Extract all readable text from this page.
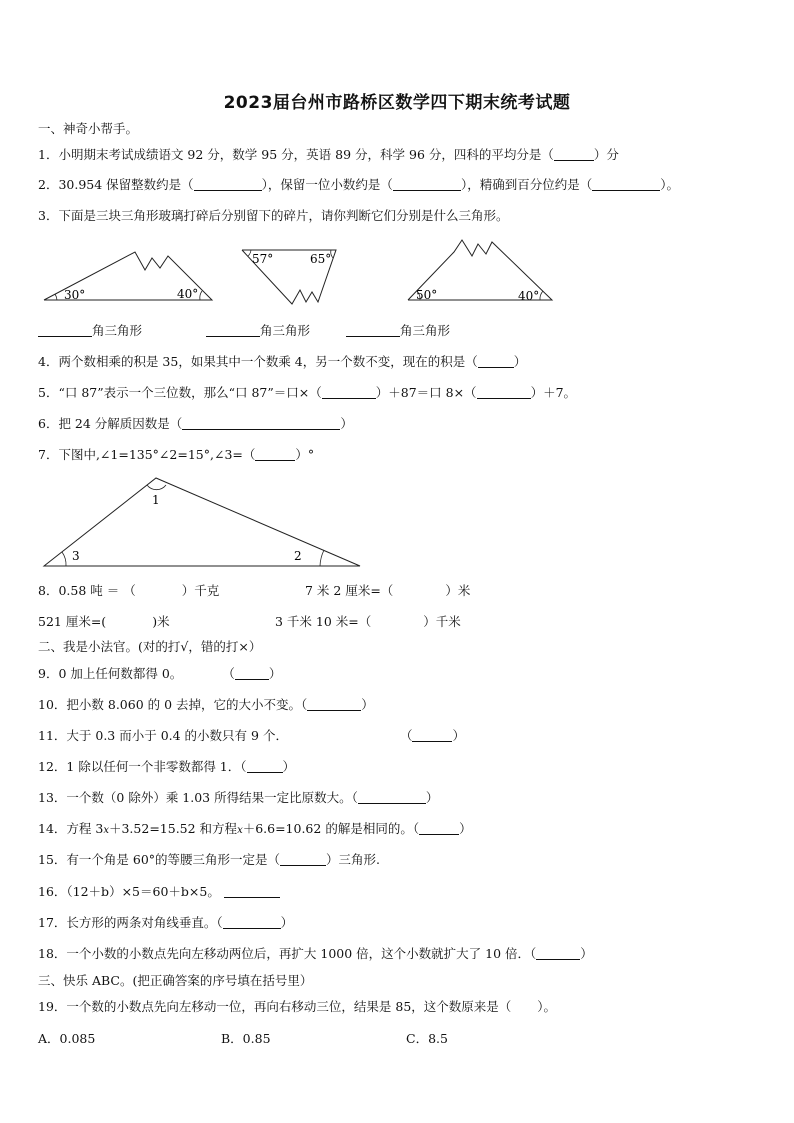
2023届台州市路桥区数学四下期末统考试题
一、神奇小帮手。
1．小明期末考试成绩语文 92 分，数学 95 分，英语 89 分，科学 96 分，四科的平均分是（	）分
2．30.954 保留整数约是（	），保留一位小数约是（	），精确到百分位约是（	）。
3．下面是三块三角形玻璃打碎后分别留下的碎片，请你判断它们分别是什么三角形。
30°	40°
57°	65°
50°	40°
角三角形	角三角形	角三角形
4．两个数相乘的积是 35，如果其中一个数乘 4，另一个数不变，现在的积是（	）
5．“口 87”表示一个三位数，那么“口 87”＝口×（	）＋87＝口 8×（	）＋7。
6．把 24 分解质因数是（	）
7．下图中,∠1=135°∠2=15°,∠3=（	）°
1
3	2
8．0.58 吨 ＝ （	）千克	7 米 2 厘米=（	）米
521 厘米=(	)米	3 千米 10 米=（	）千米
二、我是小法官。(对的打√，错的打×）
9．0 加上任何数都得 0。	（	）
10．把小数 8.060 的 0 去掉，它的大小不变。（	）
11．大于 0.3 而小于 0.4 的小数只有 9 个．	（	）
12．1 除以任何一个非零数都得 1．（	）
13．一个数（0 除外）乘 1.03 所得结果一定比原数大。（	）
14．方程 3x＋3.52=15.52 和方程x＋6.6=10.62 的解是相同的。（	）
15．有一个角是 60°的等腰三角形一定是（	）三角形.
16．（12＋b）×5＝60＋b×5。
17．长方形的两条对角线垂直。（	）
18．一个小数的小数点先向左移动两位后，再扩大 1000 倍，这个小数就扩大了 10 倍．（	）
三、快乐 ABC。(把正确答案的序号填在括号里）
19．一个数的小数点先向左移动一位，再向右移动三位，结果是 85，这个数原来是（ ）。
A．0.085	B．0.85	C．8.5
